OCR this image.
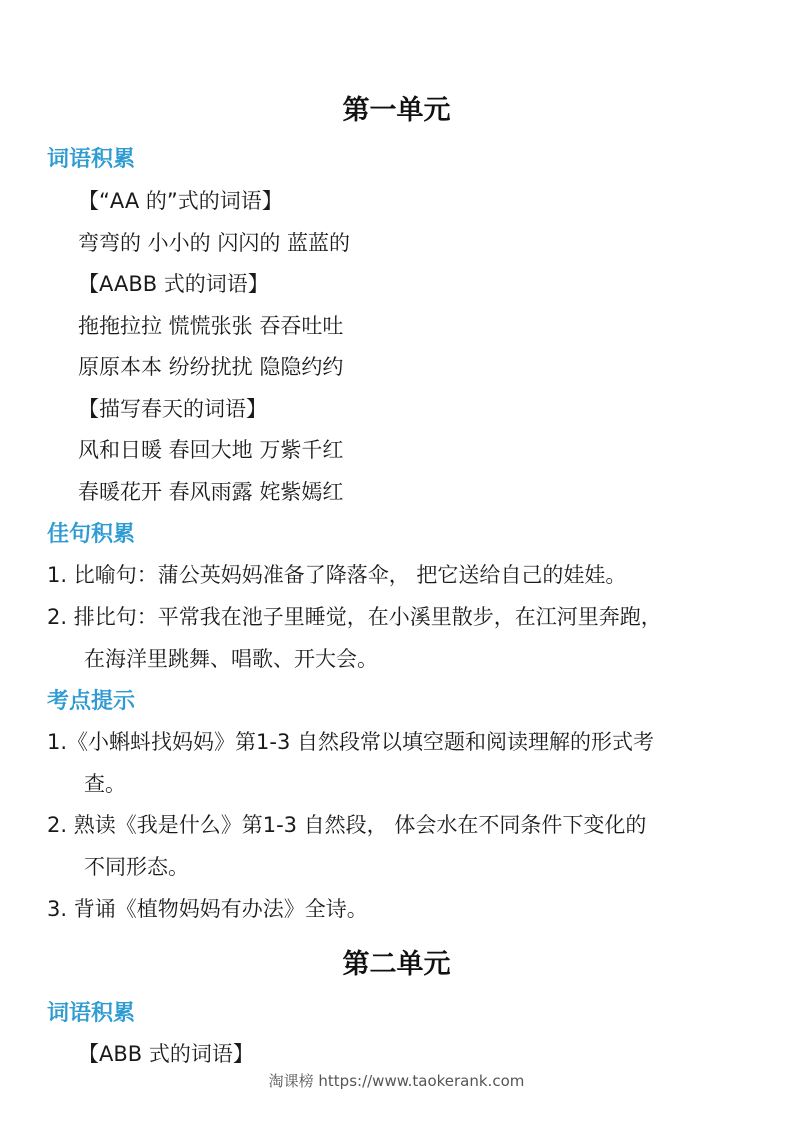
第一单元
词语积累
【“AA 的”式的词语】
弯弯的 小小的 闪闪的 蓝蓝的
【AABB 式的词语】
拖拖拉拉 慌慌张张 吞吞吐吐
原原本本 纷纷扰扰 隐隐约约
【描写春天的词语】
风和日暖 春回大地 万紫千红
春暖花开 春风雨露 姹紫嫣红
佳句积累
1. 比喻句：蒲公英妈妈准备了降落伞， 把它送给自己的娃娃。
2. 排比句：平常我在池子里睡觉，在小溪里散步，在江河里奔跑，
在海洋里跳舞、唱歌、开大会。
考点提示
1.《小蝌蚪找妈妈》第1-3 自然段常以填空题和阅读理解的形式考
查。
2. 熟读《我是什么》第1-3 自然段， 体会水在不同条件下变化的
不同形态。
3. 背诵《植物妈妈有办法》全诗。
第二单元
词语积累
【ABB 式的词语】
淘课榜 https://www.taokerank.com
